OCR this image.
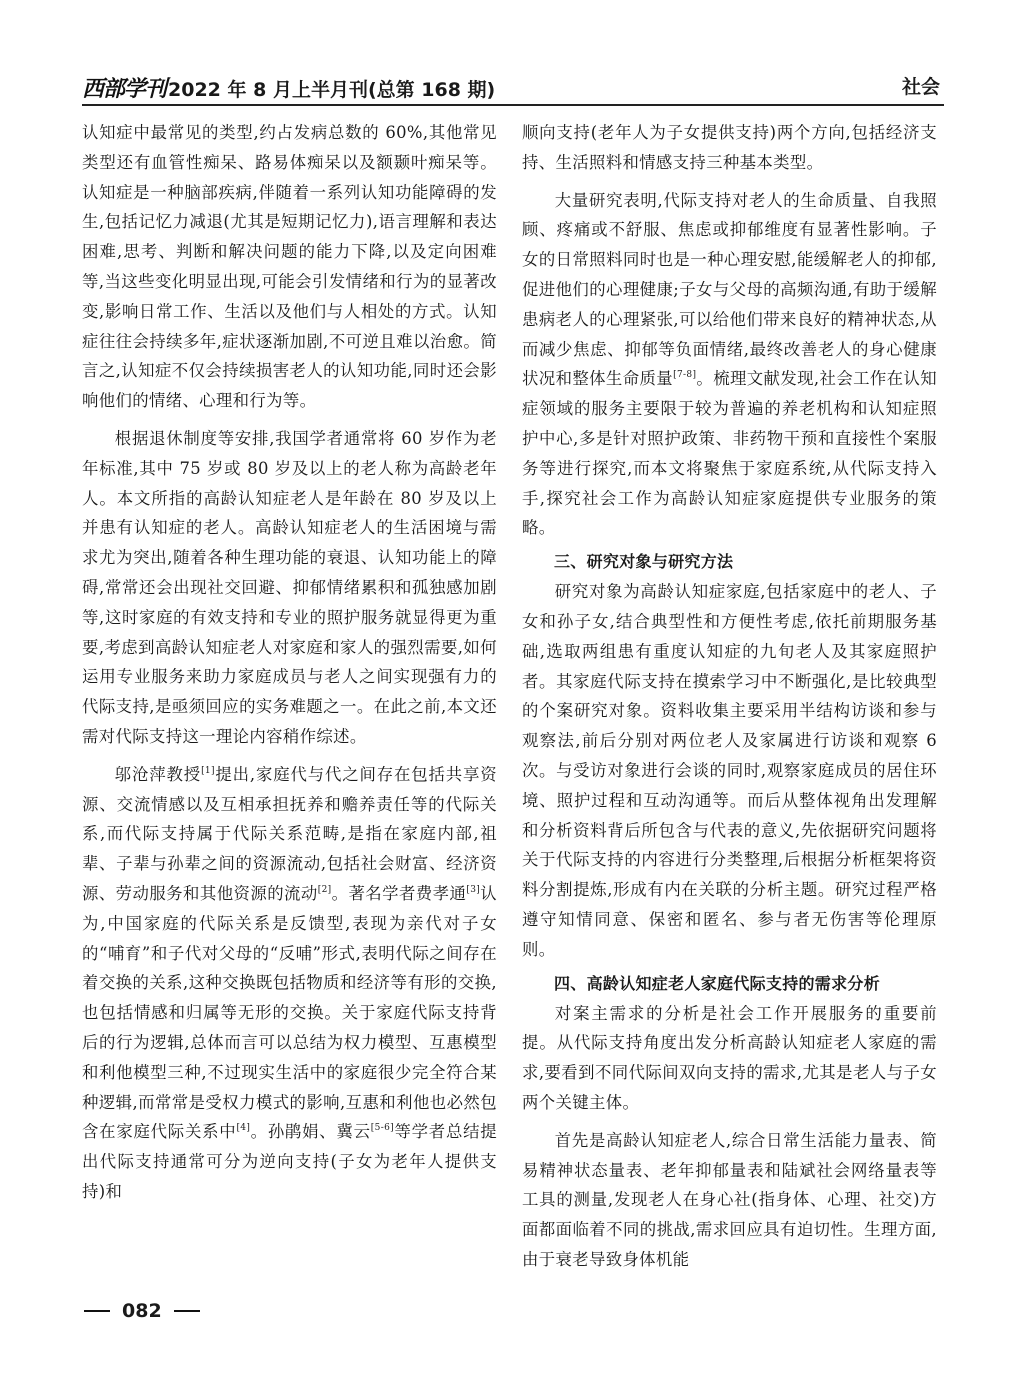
西部学刊 2022 年 8 月上半月刊(总第 168 期)	社会

认知症中最常见的类型,约占发病总数的 60%,其他常见类型还有血管性痴呆、路易体痴呆以及额颞叶痴呆等。认知症是一种脑部疾病,伴随着一系列认知功能障碍的发生,包括记忆力减退(尤其是短期记忆力),语言理解和表达困难,思考、判断和解决问题的能力下降,以及定向困难等,当这些变化明显出现,可能会引发情绪和行为的显著改变,影响日常工作、生活以及他们与人相处的方式。认知症往往会持续多年,症状逐渐加剧,不可逆且难以治愈。简言之,认知症不仅会持续损害老人的认知功能,同时还会影响他们的情绪、心理和行为等。

根据退休制度等安排,我国学者通常将 60 岁作为老年标准,其中 75 岁或 80 岁及以上的老人称为高龄老年人。本文所指的高龄认知症老人是年龄在 80 岁及以上并患有认知症的老人。高龄认知症老人的生活困境与需求尤为突出,随着各种生理功能的衰退、认知功能上的障碍,常常还会出现社交回避、抑郁情绪累积和孤独感加剧等,这时家庭的有效支持和专业的照护服务就显得更为重要,考虑到高龄认知症老人对家庭和家人的强烈需要,如何运用专业服务来助力家庭成员与老人之间实现强有力的代际支持,是亟须回应的实务难题之一。在此之前,本文还需对代际支持这一理论内容稍作综述。

邬沧萍教授[1]提出,家庭代与代之间存在包括共享资源、交流情感以及互相承担抚养和赡养责任等的代际关系,而代际支持属于代际关系范畴,是指在家庭内部,祖辈、子辈与孙辈之间的资源流动,包括社会财富、经济资源、劳动服务和其他资源的流动[2]。著名学者费孝通[3]认为,中国家庭的代际关系是反馈型,表现为亲代对子女的“哺育”和子代对父母的“反哺”形式,表明代际之间存在着交换的关系,这种交换既包括物质和经济等有形的交换,也包括情感和归属等无形的交换。关于家庭代际支持背后的行为逻辑,总体而言可以总结为权力模型、互惠模型和利他模型三种,不过现实生活中的家庭很少完全符合某种逻辑,而常常是受权力模式的影响,互惠和利他也必然包含在家庭代际关系中[4]。孙鹃娟、冀云[5-6]等学者总结提出代际支持通常可分为逆向支持(子女为老年人提供支持)和

顺向支持(老年人为子女提供支持)两个方向,包括经济支持、生活照料和情感支持三种基本类型。

大量研究表明,代际支持对老人的生命质量、自我照顾、疼痛或不舒服、焦虑或抑郁维度有显著性影响。子女的日常照料同时也是一种心理安慰,能缓解老人的抑郁,促进他们的心理健康;子女与父母的高频沟通,有助于缓解患病老人的心理紧张,可以给他们带来良好的精神状态,从而减少焦虑、抑郁等负面情绪,最终改善老人的身心健康状况和整体生命质量[7-8]。梳理文献发现,社会工作在认知症领域的服务主要限于较为普遍的养老机构和认知症照护中心,多是针对照护政策、非药物干预和直接性个案服务等进行探究,而本文将聚焦于家庭系统,从代际支持入手,探究社会工作为高龄认知症家庭提供专业服务的策略。

三、研究对象与研究方法

研究对象为高龄认知症家庭,包括家庭中的老人、子女和孙子女,结合典型性和方便性考虑,依托前期服务基础,选取两组患有重度认知症的九旬老人及其家庭照护者。其家庭代际支持在摸索学习中不断强化,是比较典型的个案研究对象。资料收集主要采用半结构访谈和参与观察法,前后分别对两位老人及家属进行访谈和观察 6 次。与受访对象进行会谈的同时,观察家庭成员的居住环境、照护过程和互动沟通等。而后从整体视角出发理解和分析资料背后所包含与代表的意义,先依据研究问题将关于代际支持的内容进行分类整理,后根据分析框架将资料分割提炼,形成有内在关联的分析主题。研究过程严格遵守知情同意、保密和匿名、参与者无伤害等伦理原则。

四、高龄认知症老人家庭代际支持的需求分析

对案主需求的分析是社会工作开展服务的重要前提。从代际支持角度出发分析高龄认知症老人家庭的需求,要看到不同代际间双向支持的需求,尤其是老人与子女两个关键主体。

首先是高龄认知症老人,综合日常生活能力量表、简易精神状态量表、老年抑郁量表和陆斌社会网络量表等工具的测量,发现老人在身心社(指身体、心理、社交)方面都面临着不同的挑战,需求回应具有迫切性。生理方面,由于衰老导致身体机能

082
